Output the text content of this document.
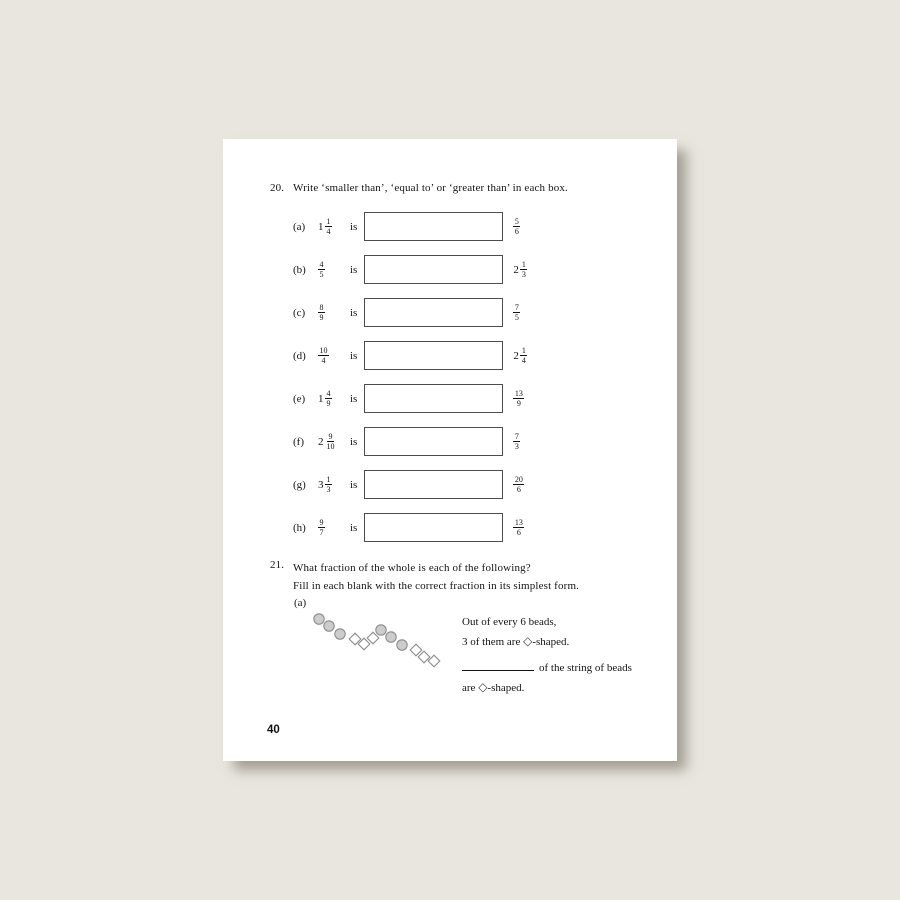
20. Write ‘smaller than’, ‘equal to’ or ‘greater than’ in each box.
(a)	$1 \frac{1}{4}$ is	$\frac{5}{6}$
(b)	$\frac{4}{5}$ is	$2 \frac{1}{3}$
(c)	$\frac{8}{9}$ is	$\frac{7}{5}$
(d)	$\frac{10}{4}$ is	$2 \frac{1}{4}$
(e)	$1 \frac{4}{9}$ is	$\frac{13}{9}$
(f)	$2 \frac{9}{10}$ is	$\frac{7}{3}$
(g)	$3 \frac{1}{3}$ is	$\frac{20}{6}$
(h)	$\frac{9}{7}$ is	$\frac{13}{6}$
21. What fraction of the whole is each of the following?
Fill in each blank with the correct fraction in its simplest form.
(a)
Out of every 6 beads,
3 of them are ◇-shaped.
of the string of beads
are ◇-shaped.
40
